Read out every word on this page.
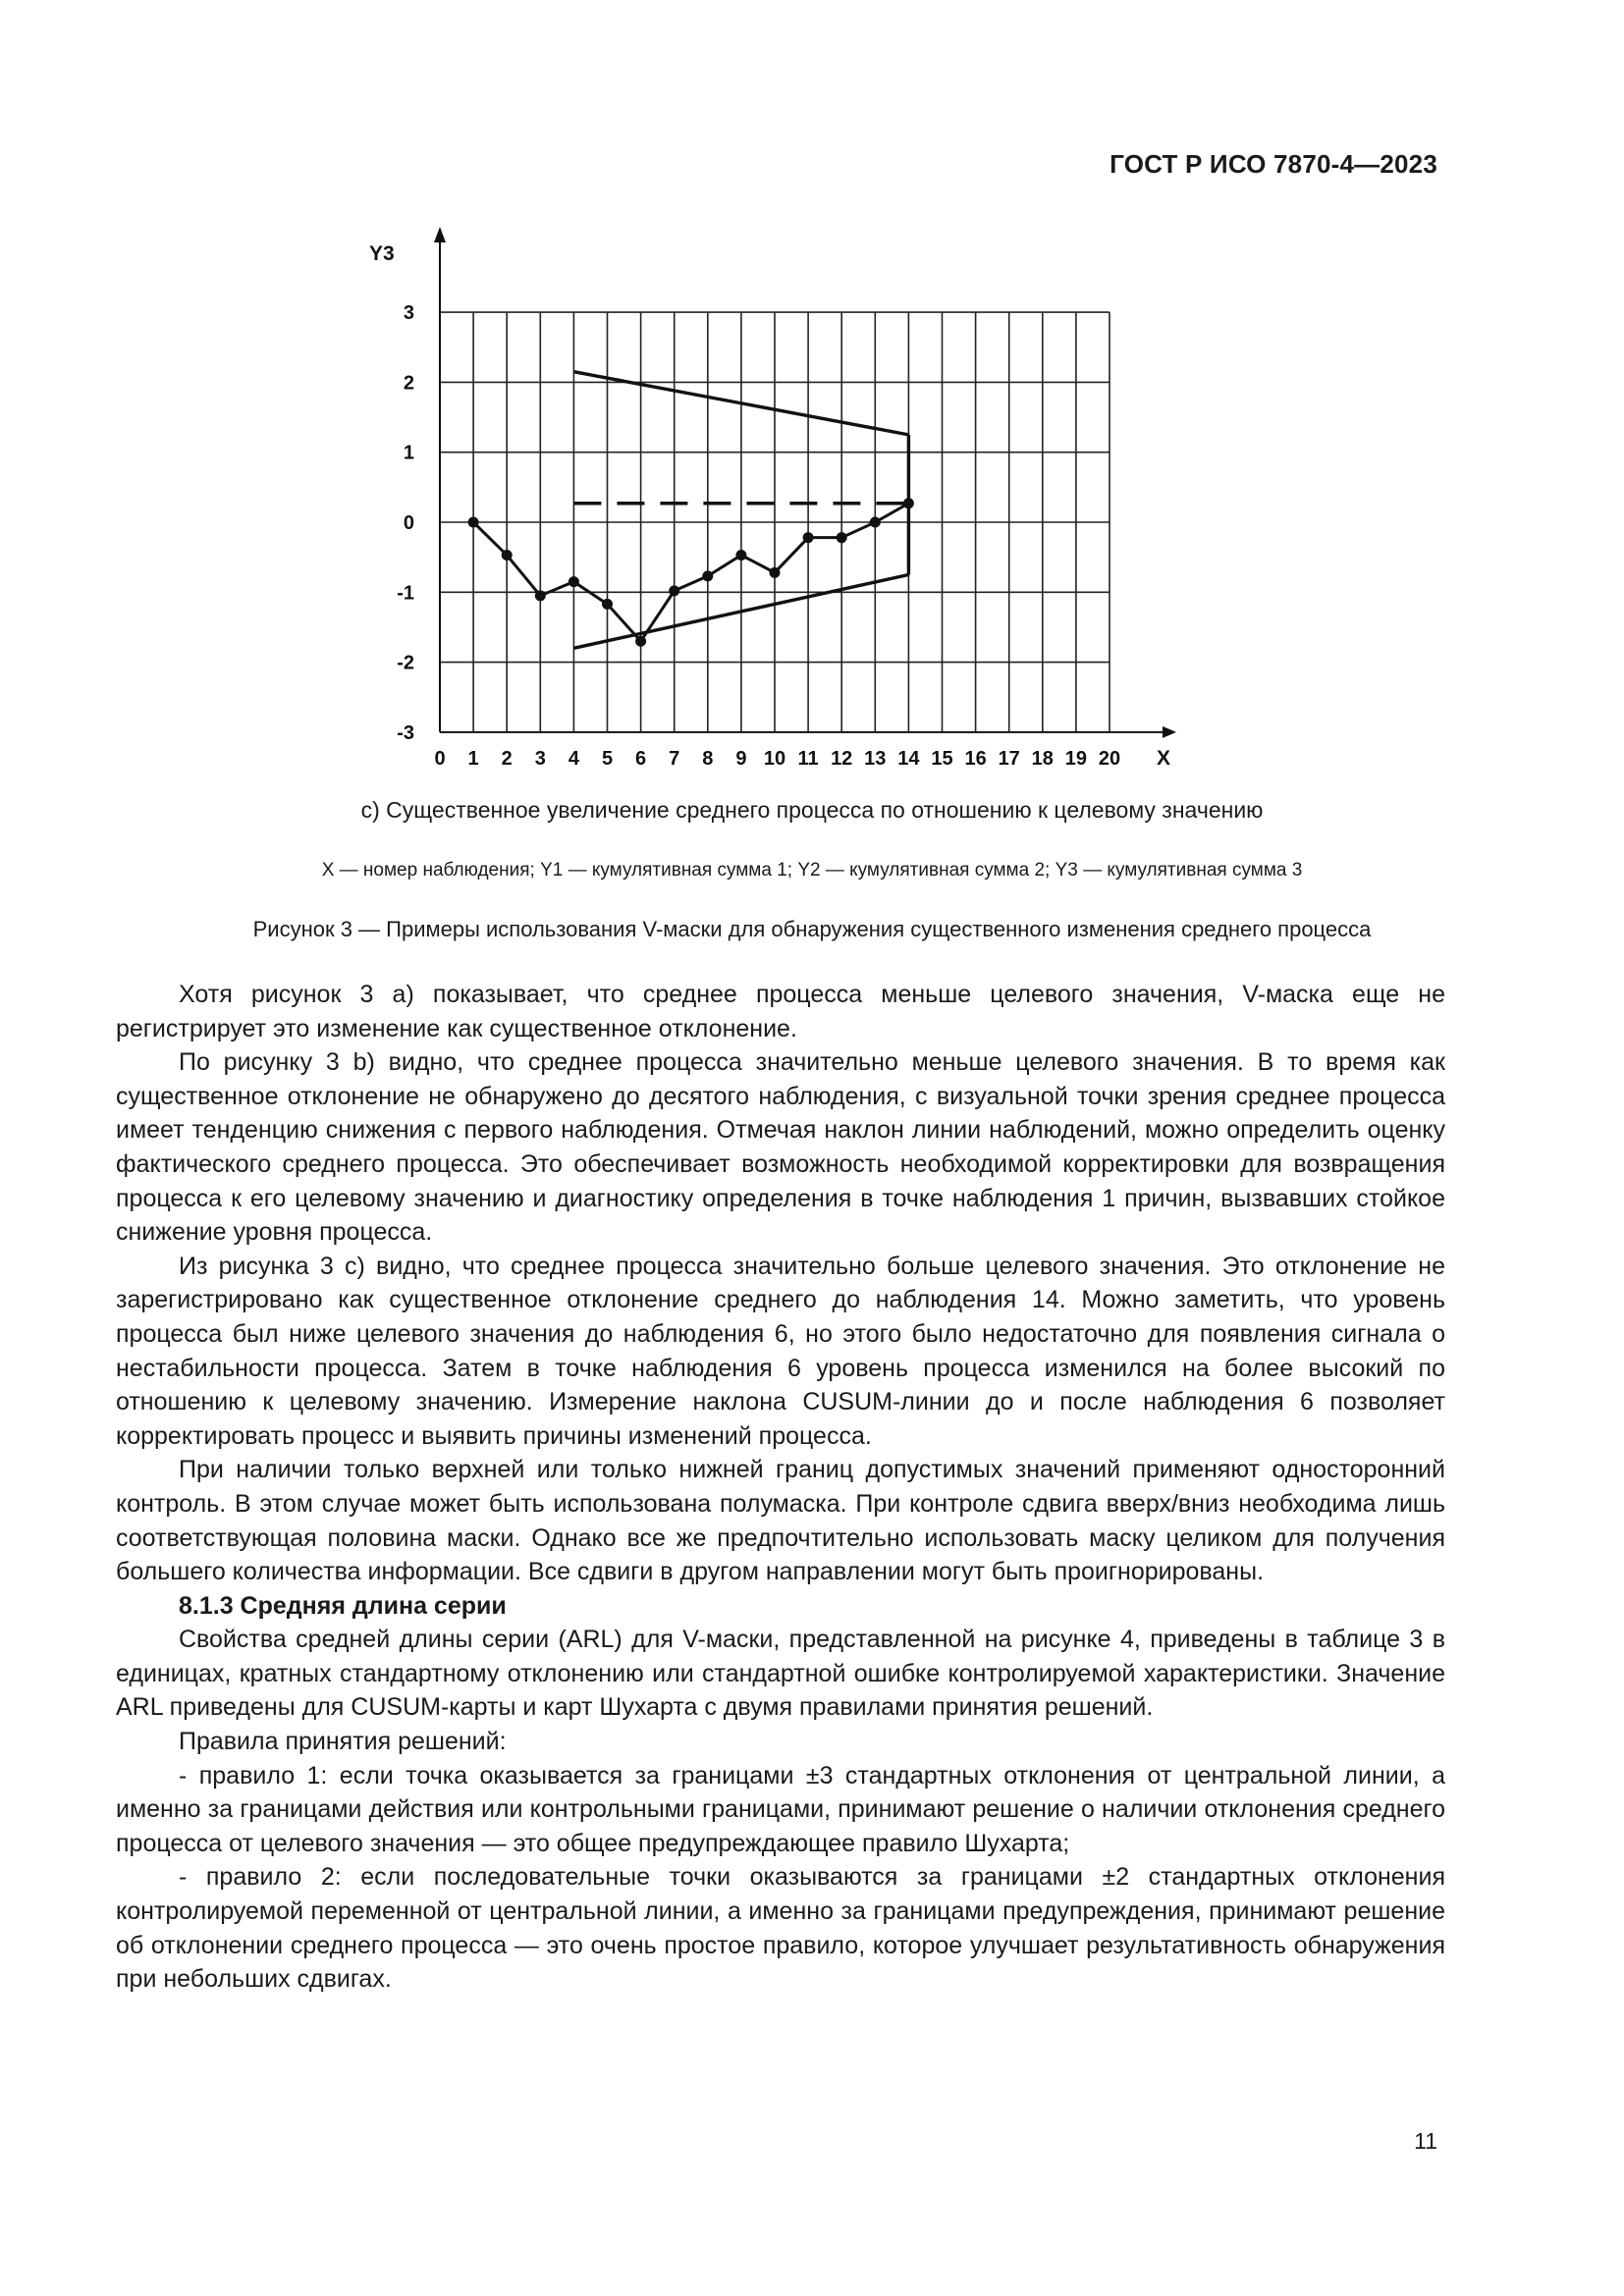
ГОСТ Р ИСО 7870-4—2023
0 1 2 3 4 5 6 7 8 9 10 11 12 13 14 15 16 17 18 19 20
3
2
1
0
-1
-2
-3
X
Y3
с) Существенное увеличение среднего процесса по отношению к целевому значению
X — номер наблюдения; Y1 — кумулятивная сумма 1; Y2 — кумулятивная сумма 2; Y3 — кумулятивная сумма 3
Рисунок 3 — Примеры использования V-маски для обнаружения существенного изменения среднего процесса

Хотя рисунок 3 а) показывает, что среднее процесса меньше целевого значения, V-маска еще не регистрирует это изменение как существенное отклонение.

По рисунку 3 b) видно, что среднее процесса значительно меньше целевого значения. В то время как существенное отклонение не обнаружено до десятого наблюдения, с визуальной точки зрения среднее процесса имеет тенденцию снижения с первого наблюдения. Отмечая наклон линии наблюдений, можно определить оценку фактического среднего процесса. Это обеспечивает возможность необходимой корректировки для возвращения процесса к его целевому значению и диагностику определения в точке наблюдения 1 причин, вызвавших стойкое снижение уровня процесса.

Из рисунка 3 с) видно, что среднее процесса значительно больше целевого значения. Это отклонение не зарегистрировано как существенное отклонение среднего до наблюдения 14. Можно заметить, что уровень процесса был ниже целевого значения до наблюдения 6, но этого было недостаточно для появления сигнала о нестабильности процесса. Затем в точке наблюдения 6 уровень процесса изменился на более высокий по отношению к целевому значению. Измерение наклона CUSUM-линии до и после наблюдения 6 позволяет корректировать процесс и выявить причины изменений процесса.

При наличии только верхней или только нижней границ допустимых значений применяют односторонний контроль. В этом случае может быть использована полумаска. При контроле сдвига вверх/вниз необходима лишь соответствующая половина маски. Однако все же предпочтительно использовать маску целиком для получения большего количества информации. Все сдвиги в другом направлении могут быть проигнорированы.

8.1.3 Средняя длина серии

Свойства средней длины серии (ARL) для V-маски, представленной на рисунке 4, приведены в таблице 3 в единицах, кратных стандартному отклонению или стандартной ошибке контролируемой характеристики. Значение ARL приведены для CUSUM-карты и карт Шухарта с двумя правилами принятия решений.

Правила принятия решений:

- правило 1: если точка оказывается за границами ±3 стандартных отклонения от центральной линии, а именно за границами действия или контрольными границами, принимают решение о наличии отклонения среднего процесса от целевого значения — это общее предупреждающее правило Шухарта;

- правило 2: если последовательные точки оказываются за границами ±2 стандартных отклонения контролируемой переменной от центральной линии, а именно за границами предупреждения, принимают решение об отклонении среднего процесса — это очень простое правило, которое улучшает результативность обнаружения при небольших сдвигах.

11
